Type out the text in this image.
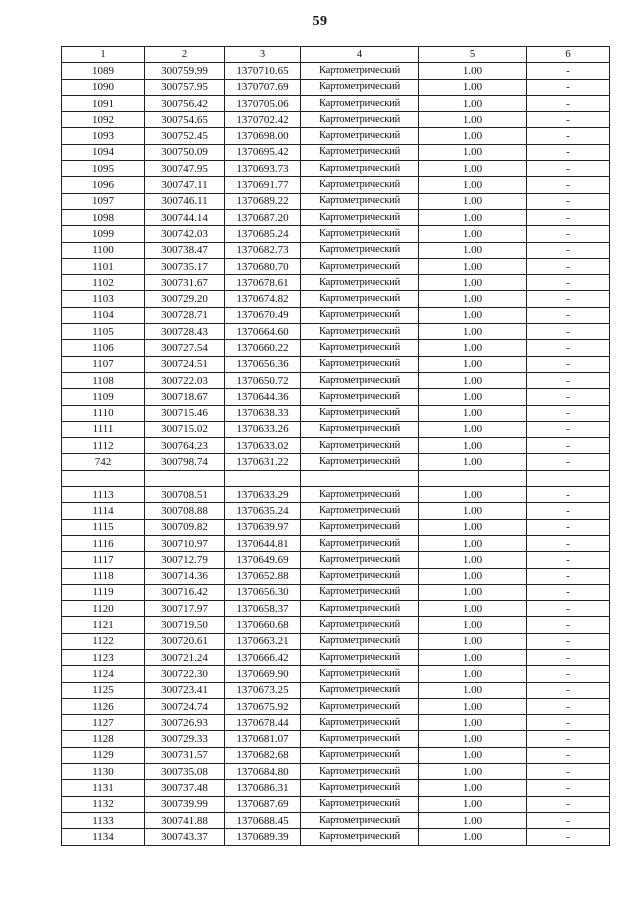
59
1	2	3	4	5	6
1089	300759.99	1370710.65	Картометрический	1.00	-
1090	300757.95	1370707.69	Картометрический	1.00	-
1091	300756.42	1370705.06	Картометрический	1.00	-
1092	300754.65	1370702.42	Картометрический	1.00	-
1093	300752.45	1370698.00	Картометрический	1.00	-
1094	300750.09	1370695.42	Картометрический	1.00	-
1095	300747.95	1370693.73	Картометрический	1.00	-
1096	300747.11	1370691.77	Картометрический	1.00	-
1097	300746.11	1370689.22	Картометрический	1.00	-
1098	300744.14	1370687.20	Картометрический	1.00	-
1099	300742.03	1370685.24	Картометрический	1.00	-
1100	300738.47	1370682.73	Картометрический	1.00	-
1101	300735.17	1370680.70	Картометрический	1.00	-
1102	300731.67	1370678.61	Картометрический	1.00	-
1103	300729.20	1370674.82	Картометрический	1.00	-
1104	300728.71	1370670.49	Картометрический	1.00	-
1105	300728.43	1370664.60	Картометрический	1.00	-
1106	300727.54	1370660.22	Картометрический	1.00	-
1107	300724.51	1370656.36	Картометрический	1.00	-
1108	300722.03	1370650.72	Картометрический	1.00	-
1109	300718.67	1370644.36	Картометрический	1.00	-
1110	300715.46	1370638.33	Картометрический	1.00	-
1111	300715.02	1370633.26	Картометрический	1.00	-
1112	300764.23	1370633.02	Картометрический	1.00	-
742	300798.74	1370631.22	Картометрический	1.00	-

1113	300708.51	1370633.29	Картометрический	1.00	-
1114	300708.88	1370635.24	Картометрический	1.00	-
1115	300709.82	1370639.97	Картометрический	1.00	-
1116	300710.97	1370644.81	Картометрический	1.00	-
1117	300712.79	1370649.69	Картометрический	1.00	-
1118	300714.36	1370652.88	Картометрический	1.00	-
1119	300716.42	1370656.30	Картометрический	1.00	-
1120	300717.97	1370658.37	Картометрический	1.00	-
1121	300719.50	1370660.68	Картометрический	1.00	-
1122	300720.61	1370663.21	Картометрический	1.00	-
1123	300721.24	1370666.42	Картометрический	1.00	-
1124	300722.30	1370669.90	Картометрический	1.00	-
1125	300723.41	1370673.25	Картометрический	1.00	-
1126	300724.74	1370675.92	Картометрический	1.00	-
1127	300726.93	1370678.44	Картометрический	1.00	-
1128	300729.33	1370681.07	Картометрический	1.00	-
1129	300731.57	1370682.68	Картометрический	1.00	-
1130	300735.08	1370684.80	Картометрический	1.00	-
1131	300737.48	1370686.31	Картометрический	1.00	-
1132	300739.99	1370687.69	Картометрический	1.00	-
1133	300741.88	1370688.45	Картометрический	1.00	-
1134	300743.37	1370689.39	Картометрический	1.00	-
